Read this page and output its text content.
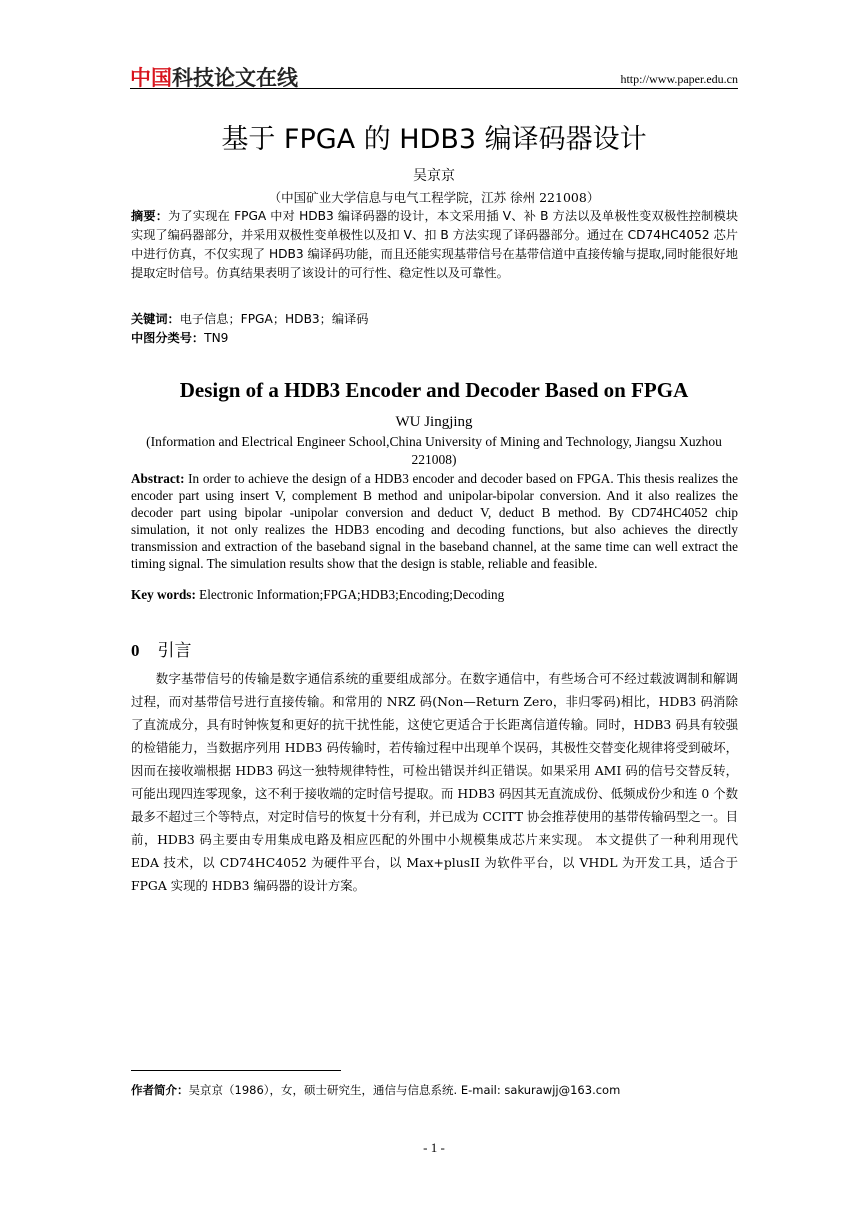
中国科技论文在线	http://www.paper.edu.cn
基于 FPGA 的 HDB3 编译码器设计
吴京京
（中国矿业大学信息与电气工程学院，江苏 徐州 221008）
摘要：为了实现在 FPGA 中对 HDB3 编译码器的设计，本文采用插 V、补 B 方法以及单极性变双极性控制模块实现了编码器部分，并采用双极性变单极性以及扣 V、扣 B 方法实现了译码器部分。通过在 CD74HC4052 芯片中进行仿真，不仅实现了 HDB3 编译码功能，而且还能实现基带信号在基带信道中直接传输与提取,同时能很好地提取定时信号。仿真结果表明了该设计的可行性、稳定性以及可靠性。
关键词：电子信息；FPGA；HDB3；编译码
中图分类号：TN9
Design of a HDB3 Encoder and Decoder Based on FPGA
WU Jingjing
(Information and Electrical Engineer School,China University of Mining and Technology, Jiangsu Xuzhou 221008)
Abstract: In order to achieve the design of a HDB3 encoder and decoder based on FPGA. This thesis realizes the encoder part using insert V, complement B method and unipolar-bipolar conversion. And it also realizes the decoder part using bipolar -unipolar conversion and deduct V, deduct B method. By CD74HC4052 chip simulation, it not only realizes the HDB3 encoding and decoding functions, but also achieves the directly transmission and extraction of the baseband signal in the baseband channel, at the same time can well extract the timing signal. The simulation results show that the design is stable, reliable and feasible.
Key words: Electronic Information;FPGA;HDB3;Encoding;Decoding
0 引言
数字基带信号的传输是数字通信系统的重要组成部分。在数字通信中，有些场合可不经过载波调制和解调过程，而对基带信号进行直接传输。和常用的 NRZ 码(Non—Return Zero，非归零码)相比，HDB3 码消除了直流成分，具有时钟恢复和更好的抗干扰性能，这使它更适合于长距离信道传输。同时，HDB3 码具有较强的检错能力，当数据序列用 HDB3 码传输时，若传输过程中出现单个误码，其极性交替变化规律将受到破坏，因而在接收端根据 HDB3 码这一独特规律特性，可检出错误并纠正错误。如果采用 AMI 码的信号交替反转，可能出现四连零现象，这不利于接收端的定时信号提取。而 HDB3 码因其无直流成份、低频成份少和连 0 个数最多不超过三个等特点，对定时信号的恢复十分有利，并已成为 CCITT 协会推荐使用的基带传输码型之一。目前，HDB3 码主要由专用集成电路及相应匹配的外围中小规模集成芯片来实现。 本文提供了一种利用现代 EDA 技术，以 CD74HC4052 为硬件平台，以 Max+plusII 为软件平台，以 VHDL 为开发工具，适合于 FPGA 实现的 HDB3 编码器的设计方案。
作者简介：吴京京（1986），女，硕士研究生，通信与信息系统. E-mail: sakurawjj@163.com
- 1 -
